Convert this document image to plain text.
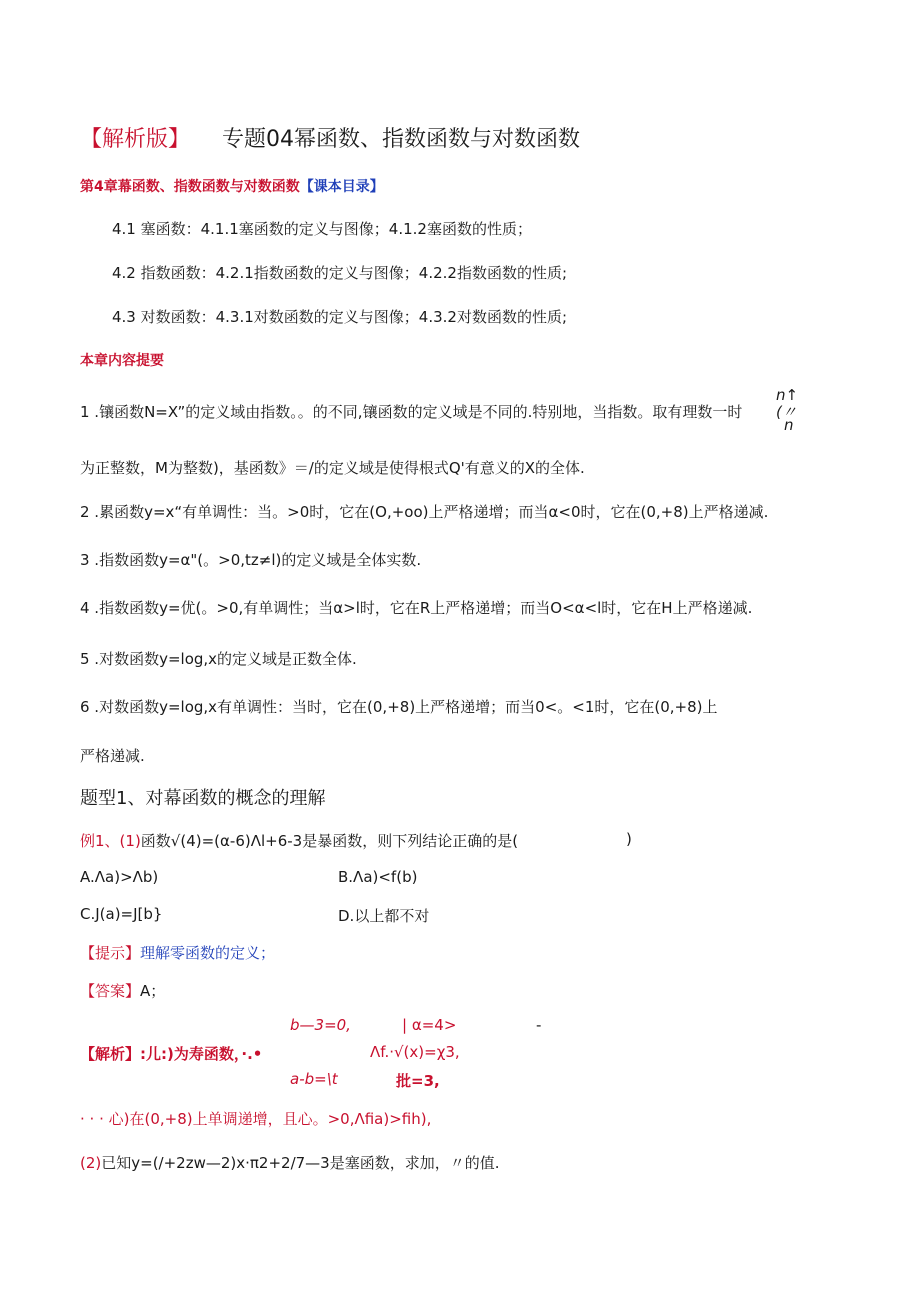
【解析版】 专题04幂函数、指数函数与对数函数
第4章幕函数、指数函数与对数函数【课本目录】
4.1 塞函数：4.1.1塞函数的定义与图像；4.1.2塞函数的性质；
4.2 指数函数：4.2.1指数函数的定义与图像；4.2.2指数函数的性质;
4.3 对数函数：4.3.1对数函数的定义与图像；4.3.2对数函数的性质;
本章内容提要
1 .镶函数N=X”的定义域由指数。。的不同,镶函数的定义域是不同的.特别地，当指数。取有理数一时
n↑
(〃
n
为正整数，M为整数)，基函数》＝/的定义域是使得根式Q'有意义的X的全体.
2 .累函数y=x“有单调性：当。>0时，它在(O,+oo)上严格递增；而当α<0时，它在(0,+8)上严格递减.
3 .指数函数y=α"(。>0,tz≠l)的定义域是全体实数.
4 .指数函数y=优(。>0,有单调性；当α>l时，它在R上严格递增；而当O<α<l时，它在H上严格递减.
5 .对数函数y=log,x的定义域是正数全体.
6 .对数函数y=log,x有单调性：当时，它在(0,+8)上严格递增；而当0<。<1时，它在(0,+8)上
严格递减.
题型1、对幕函数的概念的理解
例1、(1)函数√(4)=(α-6)Λl+6-3是暴函数，则下列结论正确的是(	)
A.Λa)>Λb)	B.Λa)<f(b)
C.J(a)=J[b}	D.以上都不对
【提示】理解零函数的定义；
【答案】A；
b—3=0,	| α=4>	-
【解析】:儿:)为寿函数，·.•	Λf.·√(x)=χ3,
a-b=\t	批=3,
· · · 心)在(0,+8)上单调递增，且心。>0,Λfia)>fih),
(2)已知y=(/+2zw—2)x·π2+2/7—3是塞函数，求加，〃的值.
